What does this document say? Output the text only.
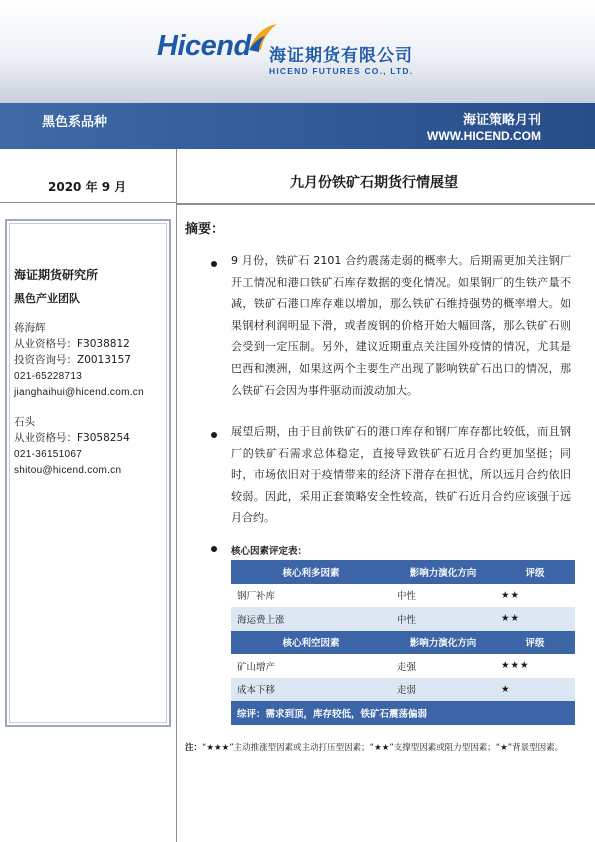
Hicend 海证期货有限公司
HICEND FUTURES CO., LTD.
黑色系品种	海证策略月刊
WWW.HICEND.COM
2020 年 9 月	九月份铁矿石期货行情展望
海证期货研究所
黑色产业团队
蒋海辉
从业资格号：F3038812
投资咨询号：Z0013157
021-65228713
jianghaihui@hicend.com.cn
石头
从业资格号：F3058254
021-36151067
shitou@hicend.com.cn
摘要：
9 月份，铁矿石 2101 合约震荡走弱的概率大。后期需更加关注钢厂开工情况和港口铁矿石库存数据的变化情况。如果钢厂的生铁产量不减，铁矿石港口库存难以增加，那么铁矿石维持强势的概率增大。如果钢材利润明显下滑，或者废钢的价格开始大幅回落，那么铁矿石则会受到一定压制。另外，建议近期重点关注国外疫情的情况，尤其是巴西和澳洲，如果这两个主要生产出现了影响铁矿石出口的情况，那么铁矿石会因为事件驱动而波动加大。
展望后期，由于目前铁矿石的港口库存和钢厂库存都比较低，而且钢厂的铁矿石需求总体稳定，直接导致铁矿石近月合约更加坚挺；同时，市场依旧对于疫情带来的经济下滑存在担忧，所以远月合约依旧较弱。因此，采用正套策略安全性较高，铁矿石近月合约应该强于远月合约。
核心因素评定表：
核心利多因素	影响力演化方向	评级
钢厂补库	中性	★★
海运费上涨	中性	★★
核心利空因素	影响力演化方向	评级
矿山增产	走强	★★★
成本下移	走弱	★
综评：需求到顶，库存较低，铁矿石震荡偏弱		
注：“★★★”主动推涨型因素或主动打压型因素；“★★”支撑型因素或阻力型因素；“★”背景型因素。
